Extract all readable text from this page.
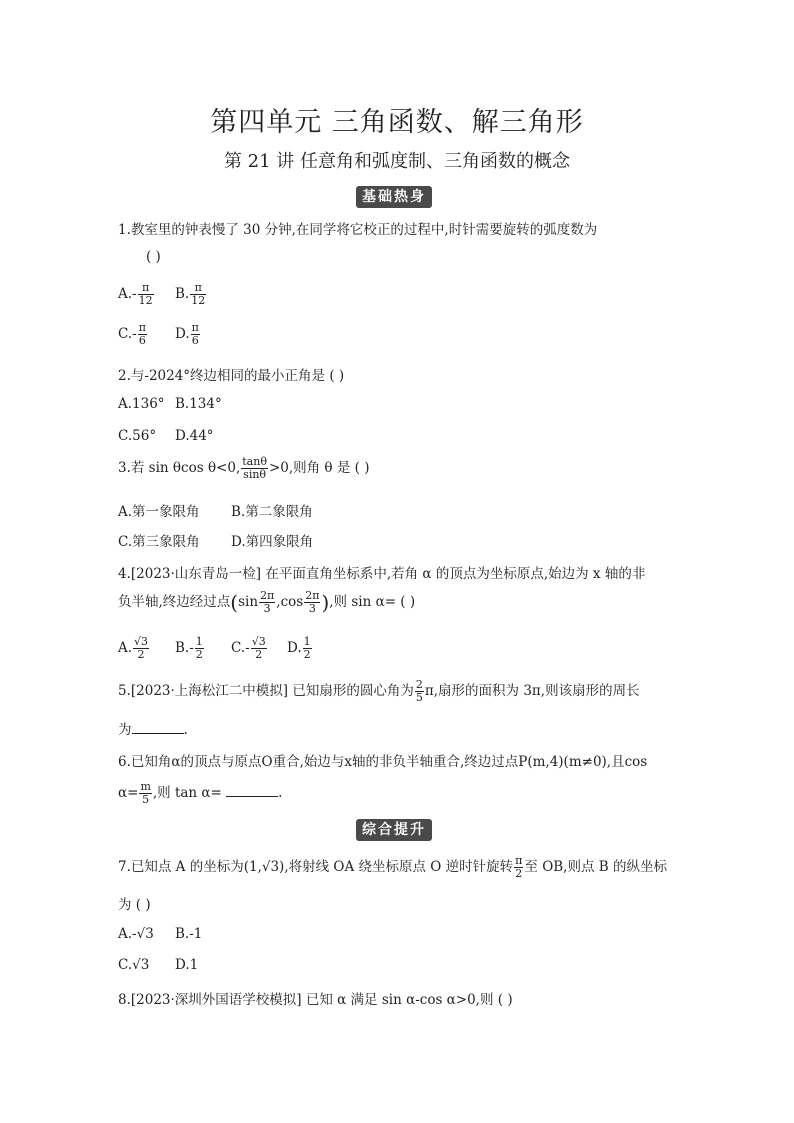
第四单元 三角函数、解三角形
第 21 讲 任意角和弧度制、三角函数的概念
基础热身
1.教室里的钟表慢了 30 分钟,在同学将它校正的过程中,时针需要旋转的弧度数为
( )
$A.- \frac{\pi}{12} B$. $\frac{\pi}{12}$
$C.- \frac{\pi}{6} D$. $\frac{\pi}{6}$
2.与-2024°终边相同的最小正角是 ( )
A.136° B.134°
C.56° D.44°
3.若 sin θcos θ<0, $\frac{\tan\theta}{\sin\theta} >0$,则角 θ 是 ( )
A.第一象限角 B.第二象限角
C.第三象限角 D.第四象限角
4.[2023·山东青岛一检] 在平面直角坐标系中,若角 α 的顶点为坐标原点,始边为 x 轴的非
负半轴,终边经过点($\sin \frac{2\pi}{3} ,\cos \frac{2\pi}{3}$ ),则 sin α= ( )
A. $\frac{√3}{2} B.- \frac{1}{2} C.- \frac{√3}{2} D$. $\frac{1}{2}$
5.[2023·上海松江二中模拟] 已知扇形的圆心角为 $\frac{2}{5} \pi$,扇形的面积为 3π,则该扇形的周长
为	.
6.已知角α的顶点与原点O重合,始边与x轴的非负半轴重合,终边过点P(m,4)(m≠0),且cos
$\alpha= \frac{m}{5}$ ,则 tan α=	.
综合提升
7.已知点 A 的坐标为(1,√3),将射线 OA 绕坐标原点 O 逆时针旋转 $\frac{\pi}{2}$ 至 OB,则点 B 的纵坐标
为 ( )
A.-√3 B.-1
C.√3 D.1
8.[2023·深圳外国语学校模拟] 已知 α 满足 sin α-cos α>0,则 ( )
